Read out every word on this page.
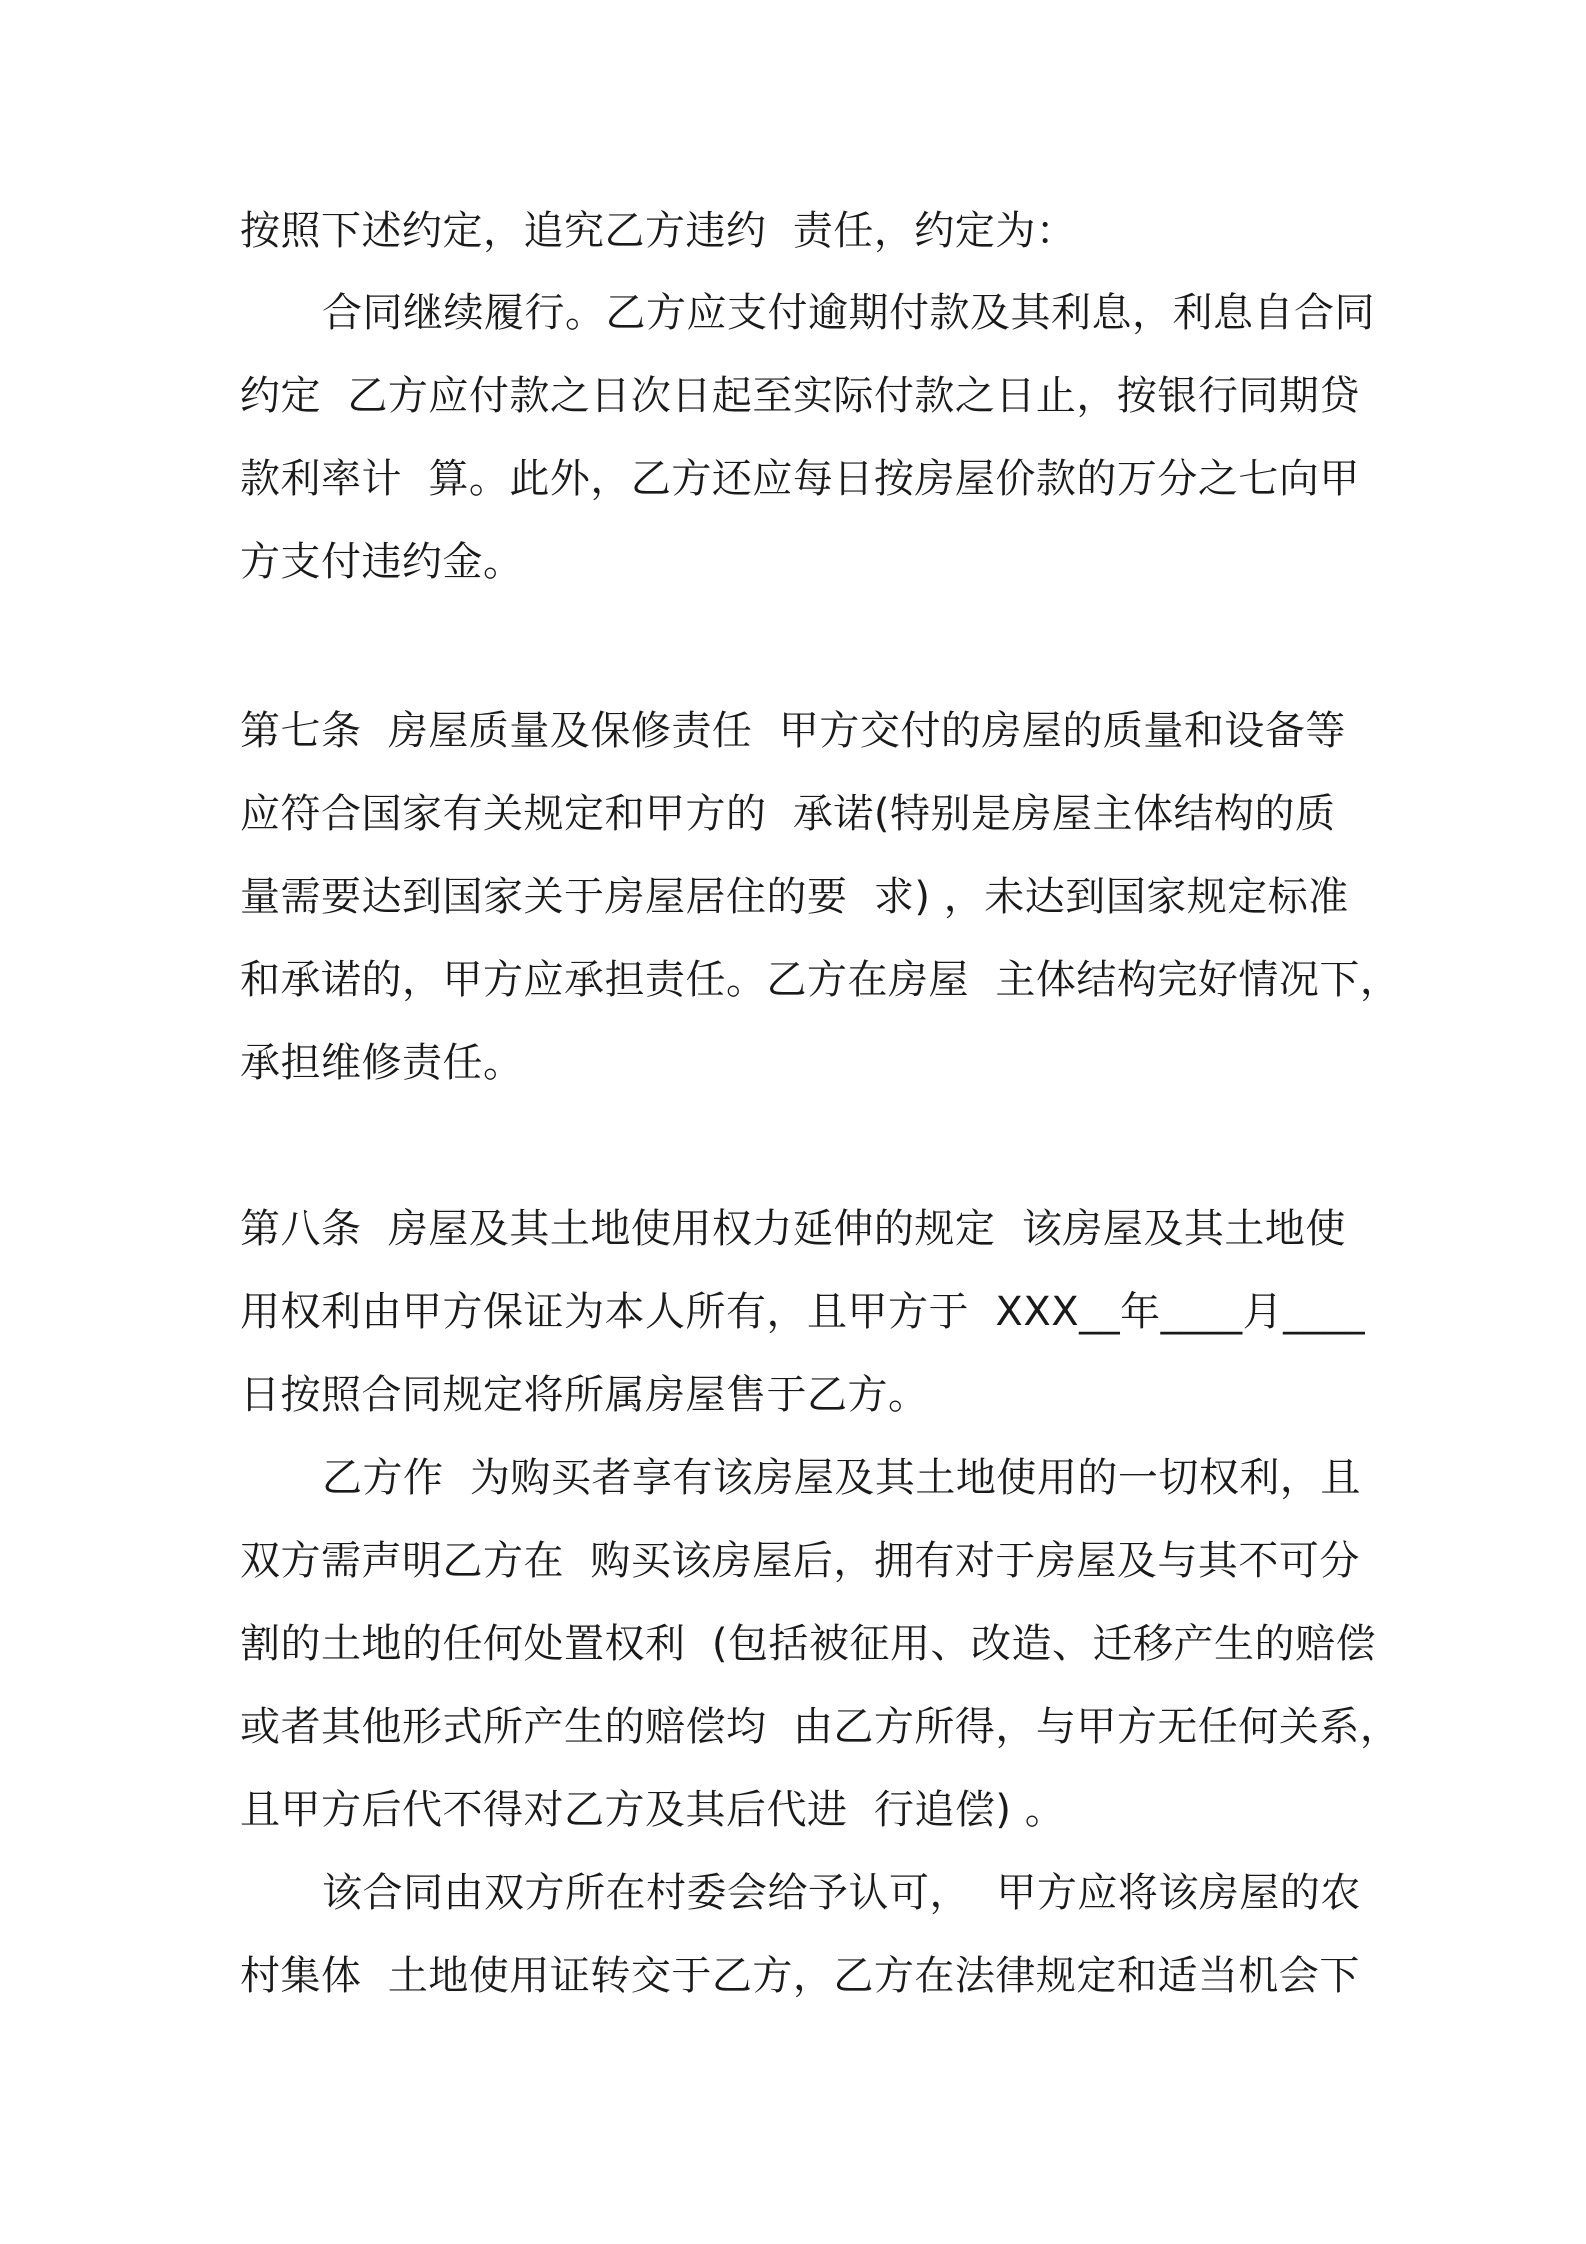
按照下述约定，追究乙方违约  责任，约定为：
合同继续履行。乙方应支付逾期付款及其利息，利息自合同
约定  乙方应付款之日次日起至实际付款之日止，按银行同期贷
款利率计  算。此外，乙方还应每日按房屋价款的万分之七向甲
方支付违约金。
第七条  房屋质量及保修责任  甲方交付的房屋的质量和设备等
应符合国家有关规定和甲方的  承诺(特别是房屋主体结构的质
量需要达到国家关于房屋居住的要  求) ，未达到国家规定标准
和承诺的，甲方应承担责任。乙方在房屋  主体结构完好情况下，
承担维修责任。
第八条  房屋及其土地使用权力延伸的规定  该房屋及其土地使
用权利由甲方保证为本人所有，且甲方于  XXX__年____月____
日按照合同规定将所属房屋售于乙方。
乙方作  为购买者享有该房屋及其土地使用的一切权利，且
双方需声明乙方在  购买该房屋后，拥有对于房屋及与其不可分
割的土地的任何处置权利  (包括被征用、改造、迁移产生的赔偿
或者其他形式所产生的赔偿均  由乙方所得，与甲方无任何关系，
且甲方后代不得对乙方及其后代进  行追偿) 。
该合同由双方所在村委会给予认可，  甲方应将该房屋的农
村集体  土地使用证转交于乙方，乙方在法律规定和适当机会下
